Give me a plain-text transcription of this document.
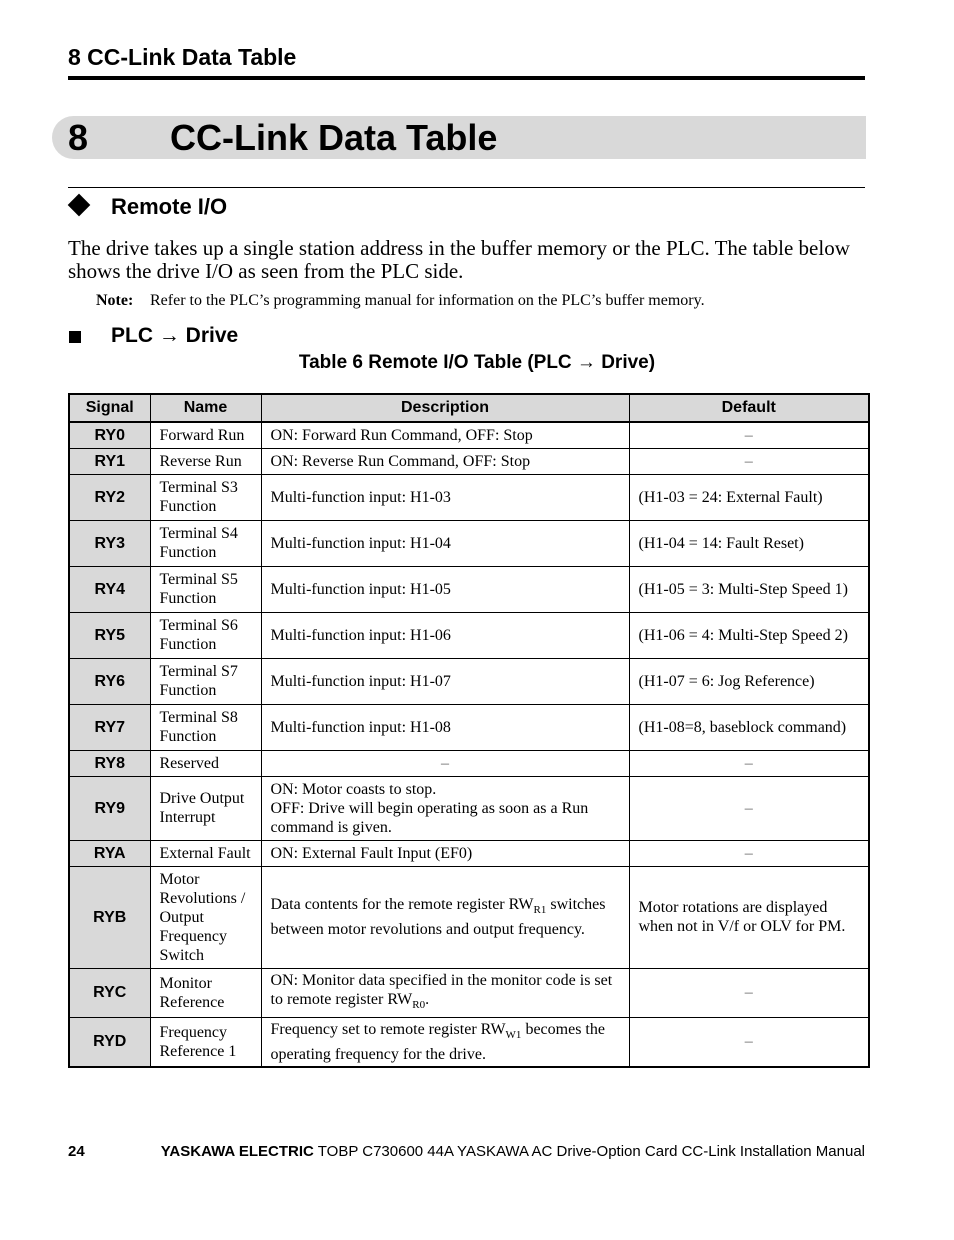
8 CC-Link Data Table
8 CC-Link Data Table
Remote I/O
The drive takes up a single station address in the buffer memory or the PLC. The table below shows the drive I/O as seen from the PLC side.
Note: Refer to the PLC’s programming manual for information on the PLC’s buffer memory.
PLC → Drive
Table 6 Remote I/O Table (PLC → Drive)
Signal	Name	Description	Default
RY0	Forward Run	ON: Forward Run Command, OFF: Stop	–
RY1	Reverse Run	ON: Reverse Run Command, OFF: Stop	–
RY2	Terminal S3 Function	Multi-function input: H1-03	(H1-03 = 24: External Fault)
RY3	Terminal S4 Function	Multi-function input: H1-04	(H1-04 = 14: Fault Reset)
RY4	Terminal S5 Function	Multi-function input: H1-05	(H1-05 = 3: Multi-Step Speed 1)
RY5	Terminal S6 Function	Multi-function input: H1-06	(H1-06 = 4: Multi-Step Speed 2)
RY6	Terminal S7 Function	Multi-function input: H1-07	(H1-07 = 6: Jog Reference)
RY7	Terminal S8 Function	Multi-function input: H1-08	(H1-08=8, baseblock command)
RY8	Reserved	–	–
RY9	Drive Output Interrupt	ON: Motor coasts to stop.
OFF: Drive will begin operating as soon as a Run command is given.	–
RYA	External Fault	ON: External Fault Input (EF0)	–
RYB	Motor Revolutions / Output Frequency Switch	Data contents for the remote register $RW_{R1}$ switches between motor revolutions and output frequency.	Motor rotations are displayed when not in V/f or OLV for PM.
RYC	Monitor Reference	ON: Monitor data specified in the monitor code is set to remote register $RW_{R0}$.	–
RYD	Frequency Reference 1	Frequency set to remote register $RW_{W1}$ becomes the operating frequency for the drive.	–
24	YASKAWA ELECTRIC TOBP C730600 44A YASKAWA AC Drive-Option Card CC-Link Installation Manual
